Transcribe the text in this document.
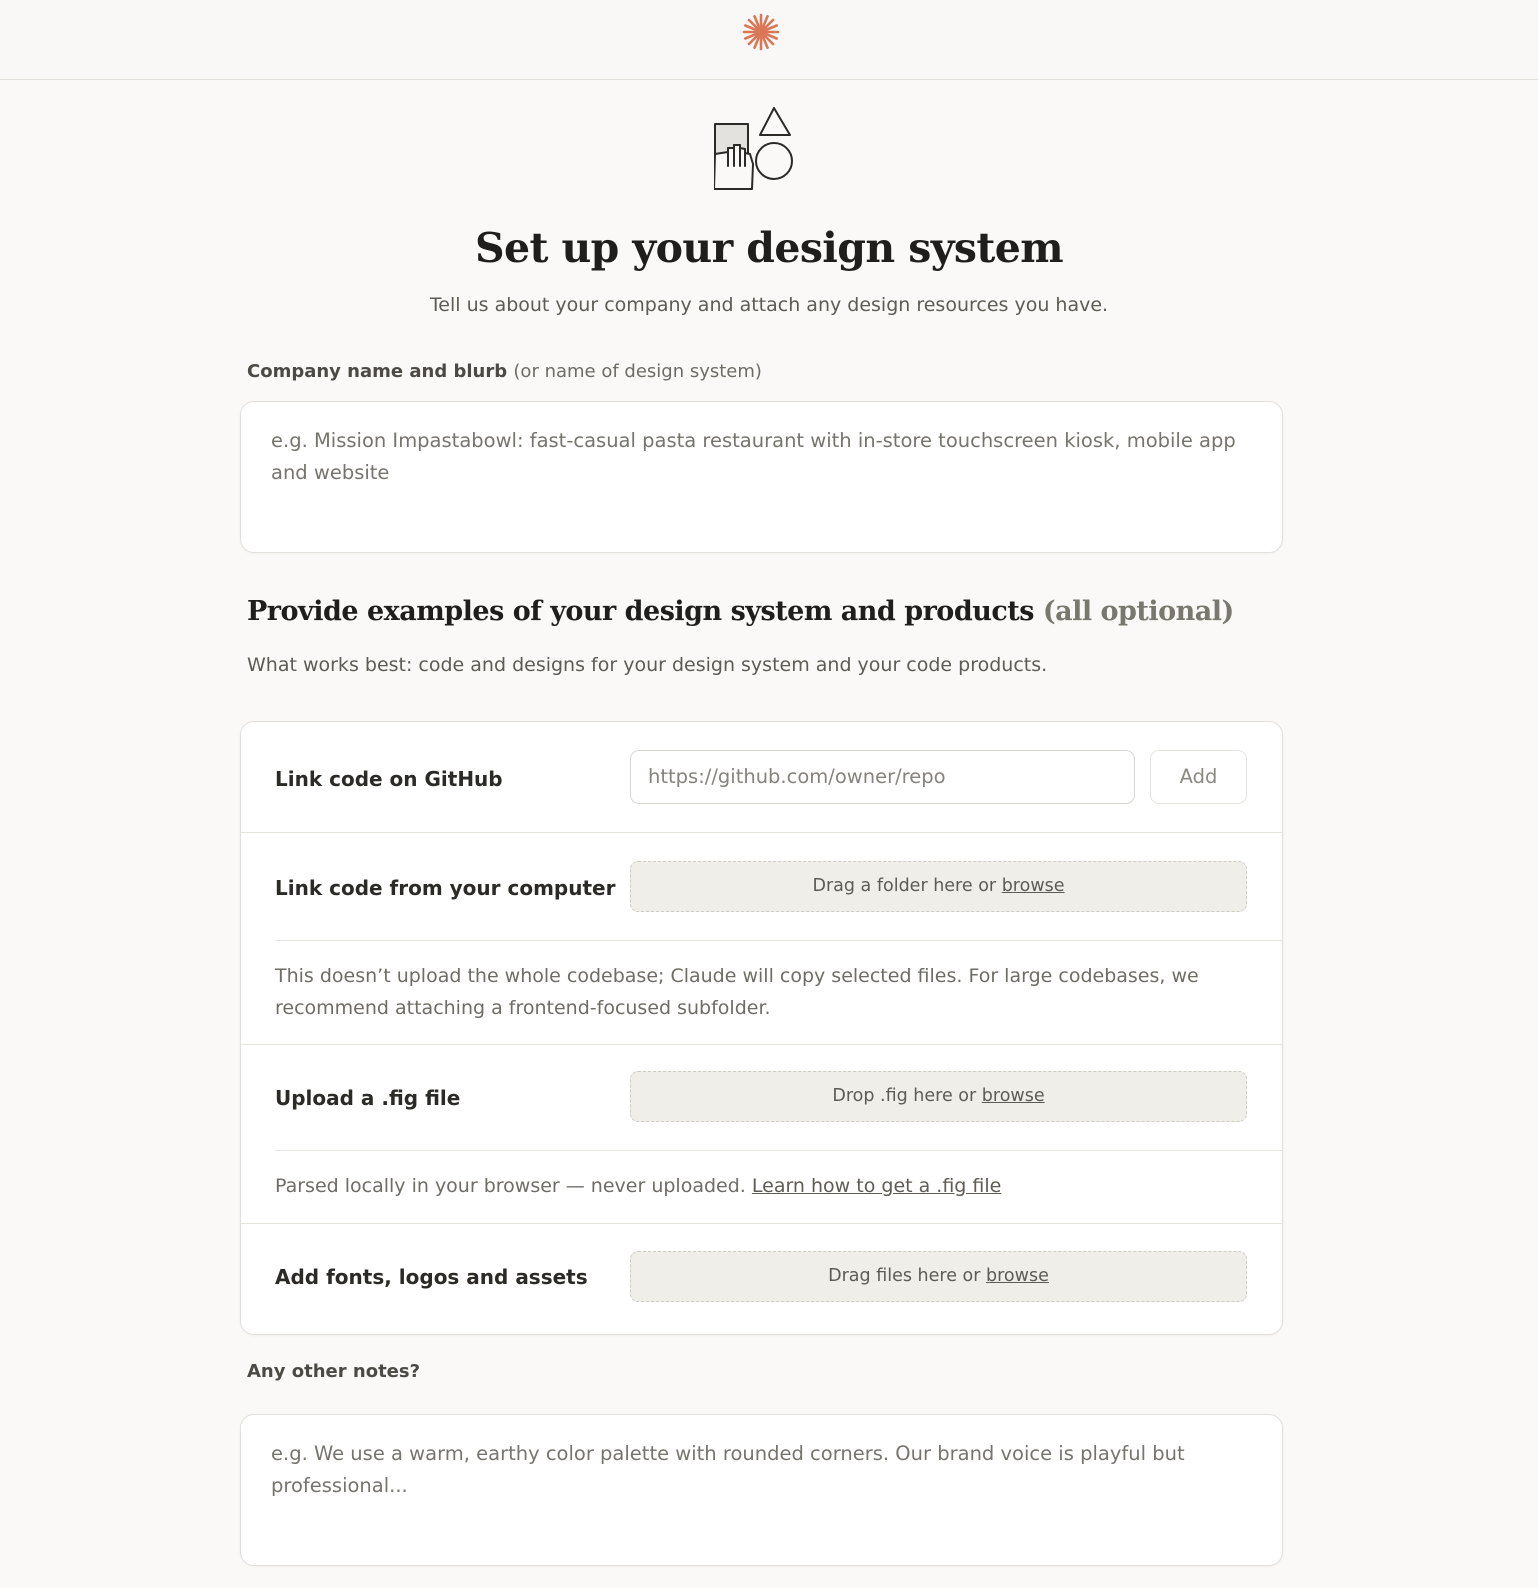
Set up your design system

Tell us about your company and attach any design resources you have.

Company name and blurb (or name of design system)
e.g. Mission Impastabowl: fast-casual pasta restaurant with in-store touchscreen kiosk, mobile app and website
Provide examples of your design system and products (all optional)

What works best: code and designs for your design system and your code products.

Link code on GitHub	https://github.com/owner/repo	Add
Link code from your computer	Drag a folder here or browse
This doesn’t upload the whole codebase; Claude will copy selected files. For large codebases, we recommend attaching a frontend-focused subfolder.
Upload a .fig file	Drop .fig here or browse
Parsed locally in your browser — never uploaded. Learn how to get a .fig file
Add fonts, logos and assets	Drag files here or browse
Any other notes?
e.g. We use a warm, earthy color palette with rounded corners. Our brand voice is playful but professional...
